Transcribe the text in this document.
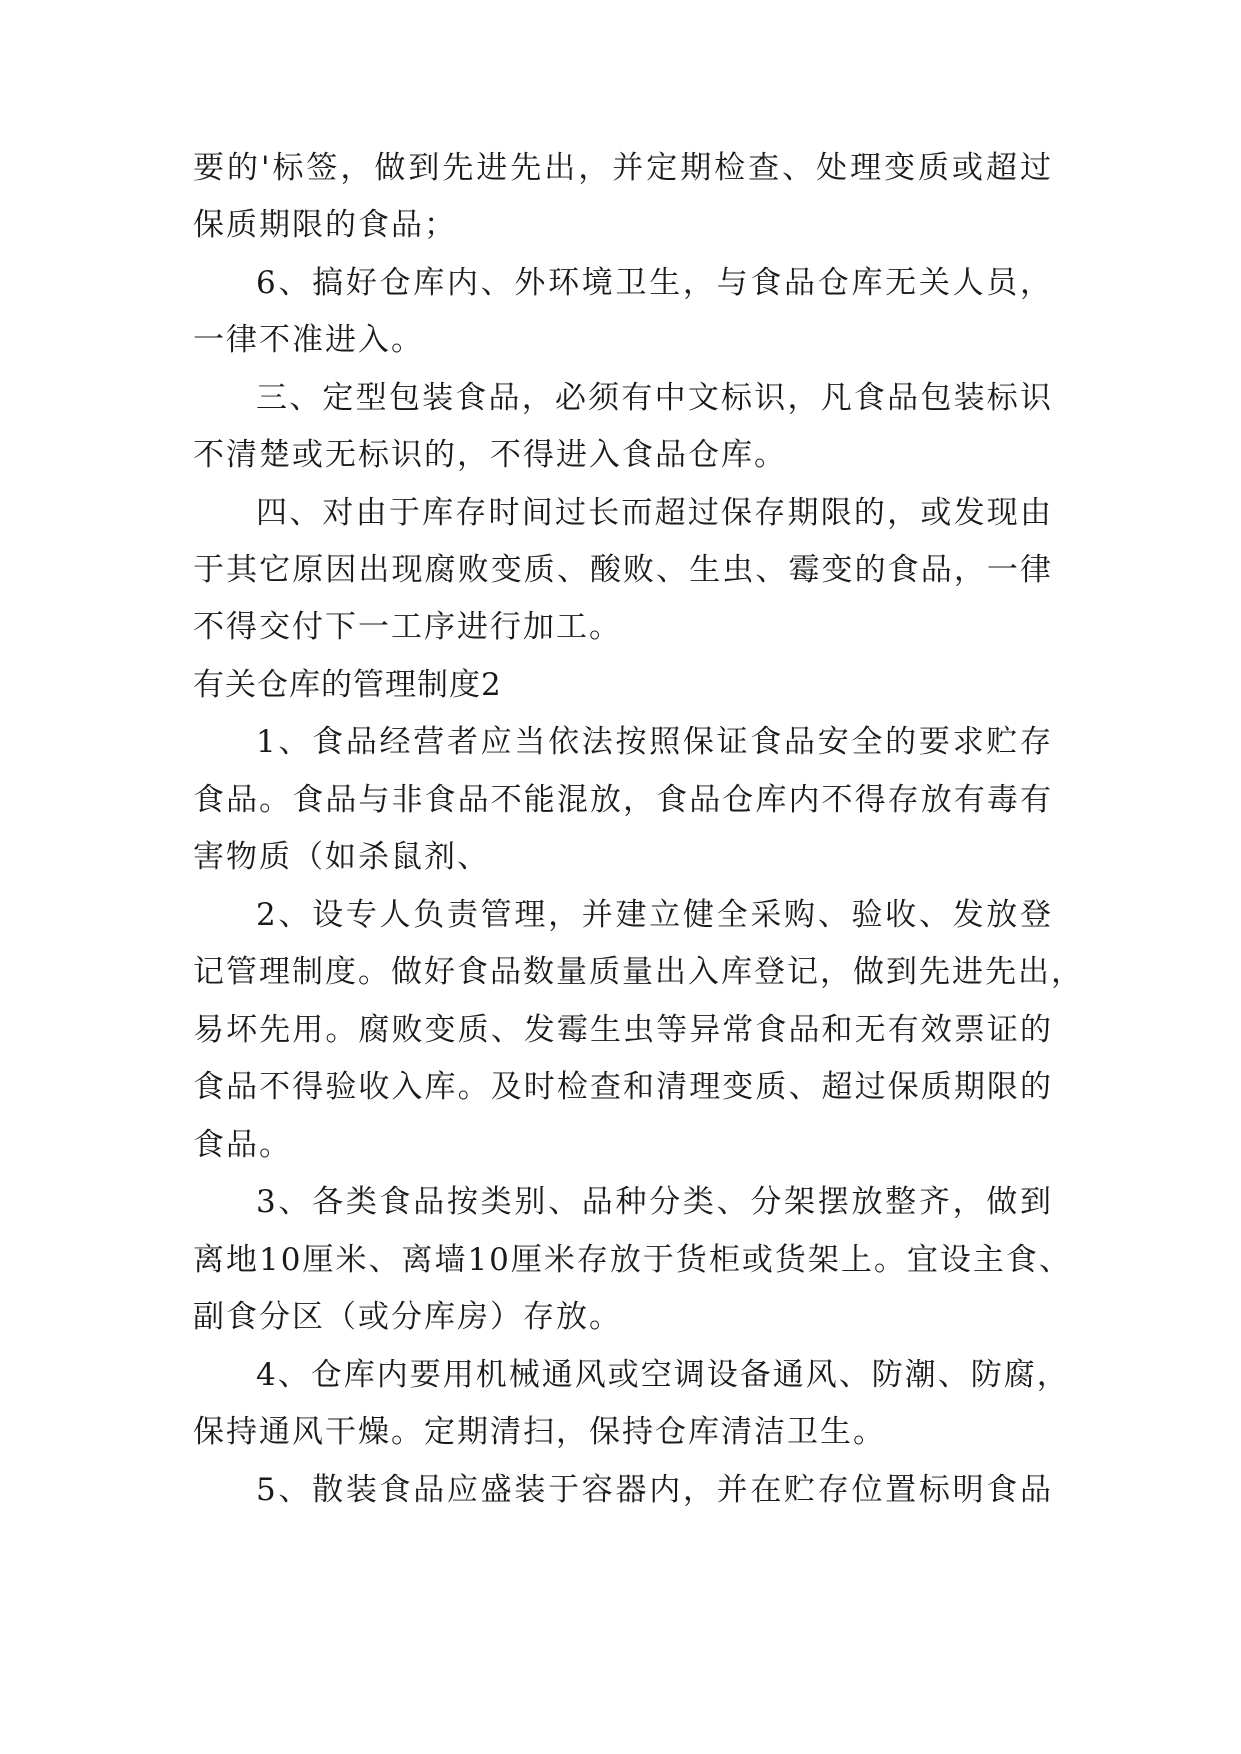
要的'标签，做到先进先出，并定期检查、处理变质或超过
保质期限的食品；
6、搞好仓库内、外环境卫生，与食品仓库无关人员，
一律不准进入。
三、定型包装食品，必须有中文标识，凡食品包装标识
不清楚或无标识的，不得进入食品仓库。
四、对由于库存时间过长而超过保存期限的，或发现由
于其它原因出现腐败变质、酸败、生虫、霉变的食品，一律
不得交付下一工序进行加工。
有关仓库的管理制度2
1、食品经营者应当依法按照保证食品安全的要求贮存
食品。食品与非食品不能混放，食品仓库内不得存放有毒有
害物质（如杀鼠剂、
2、设专人负责管理，并建立健全采购、验收、发放登
记管理制度。做好食品数量质量出入库登记，做到先进先出，
易坏先用。腐败变质、发霉生虫等异常食品和无有效票证的
食品不得验收入库。及时检查和清理变质、超过保质期限的
食品。
3、各类食品按类别、品种分类、分架摆放整齐，做到
离地10厘米、离墙10厘米存放于货柜或货架上。宜设主食、
副食分区（或分库房）存放。
4、仓库内要用机械通风或空调设备通风、防潮、防腐，
保持通风干燥。定期清扫，保持仓库清洁卫生。
5、散装食品应盛装于容器内，并在贮存位置标明食品
